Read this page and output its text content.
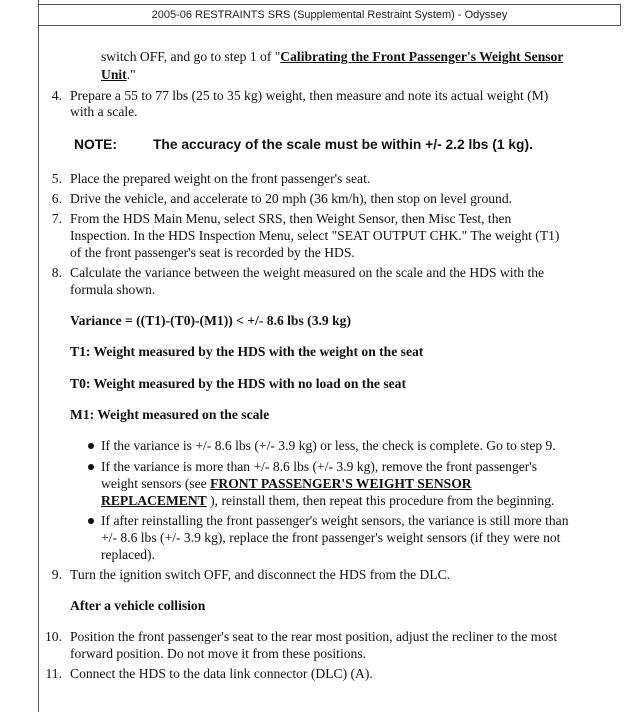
2005-06 RESTRAINTS SRS (Supplemental Restraint System) - Odyssey
switch OFF, and go to step 1 of "Calibrating the Front Passenger's Weight Sensor
Unit."
4. Prepare a 55 to 77 lbs (25 to 35 kg) weight, then measure and note its actual weight (M)
with a scale.
NOTE:	The accuracy of the scale must be within +/- 2.2 lbs (1 kg).
5. Place the prepared weight on the front passenger's seat.
6. Drive the vehicle, and accelerate to 20 mph (36 km/h), then stop on level ground.
7. From the HDS Main Menu, select SRS, then Weight Sensor, then Misc Test, then
Inspection. In the HDS Inspection Menu, select "SEAT OUTPUT CHK." The weight (T1)
of the front passenger's seat is recorded by the HDS.
8. Calculate the variance between the weight measured on the scale and the HDS with the
formula shown.
Variance = ((T1)-(T0)-(M1)) < +/- 8.6 lbs (3.9 kg)
T1: Weight measured by the HDS with the weight on the seat
T0: Weight measured by the HDS with no load on the seat
M1: Weight measured on the scale
If the variance is +/- 8.6 lbs (+/- 3.9 kg) or less, the check is complete. Go to step 9.
If the variance is more than +/- 8.6 lbs (+/- 3.9 kg), remove the front passenger's
weight sensors (see FRONT PASSENGER'S WEIGHT SENSOR
REPLACEMENT ), reinstall them, then repeat this procedure from the beginning.
If after reinstalling the front passenger's weight sensors, the variance is still more than
+/- 8.6 lbs (+/- 3.9 kg), replace the front passenger's weight sensors (if they were not
replaced).
9. Turn the ignition switch OFF, and disconnect the HDS from the DLC.
After a vehicle collision
10. Position the front passenger's seat to the rear most position, adjust the recliner to the most
forward position. Do not move it from these positions.
11. Connect the HDS to the data link connector (DLC) (A).
